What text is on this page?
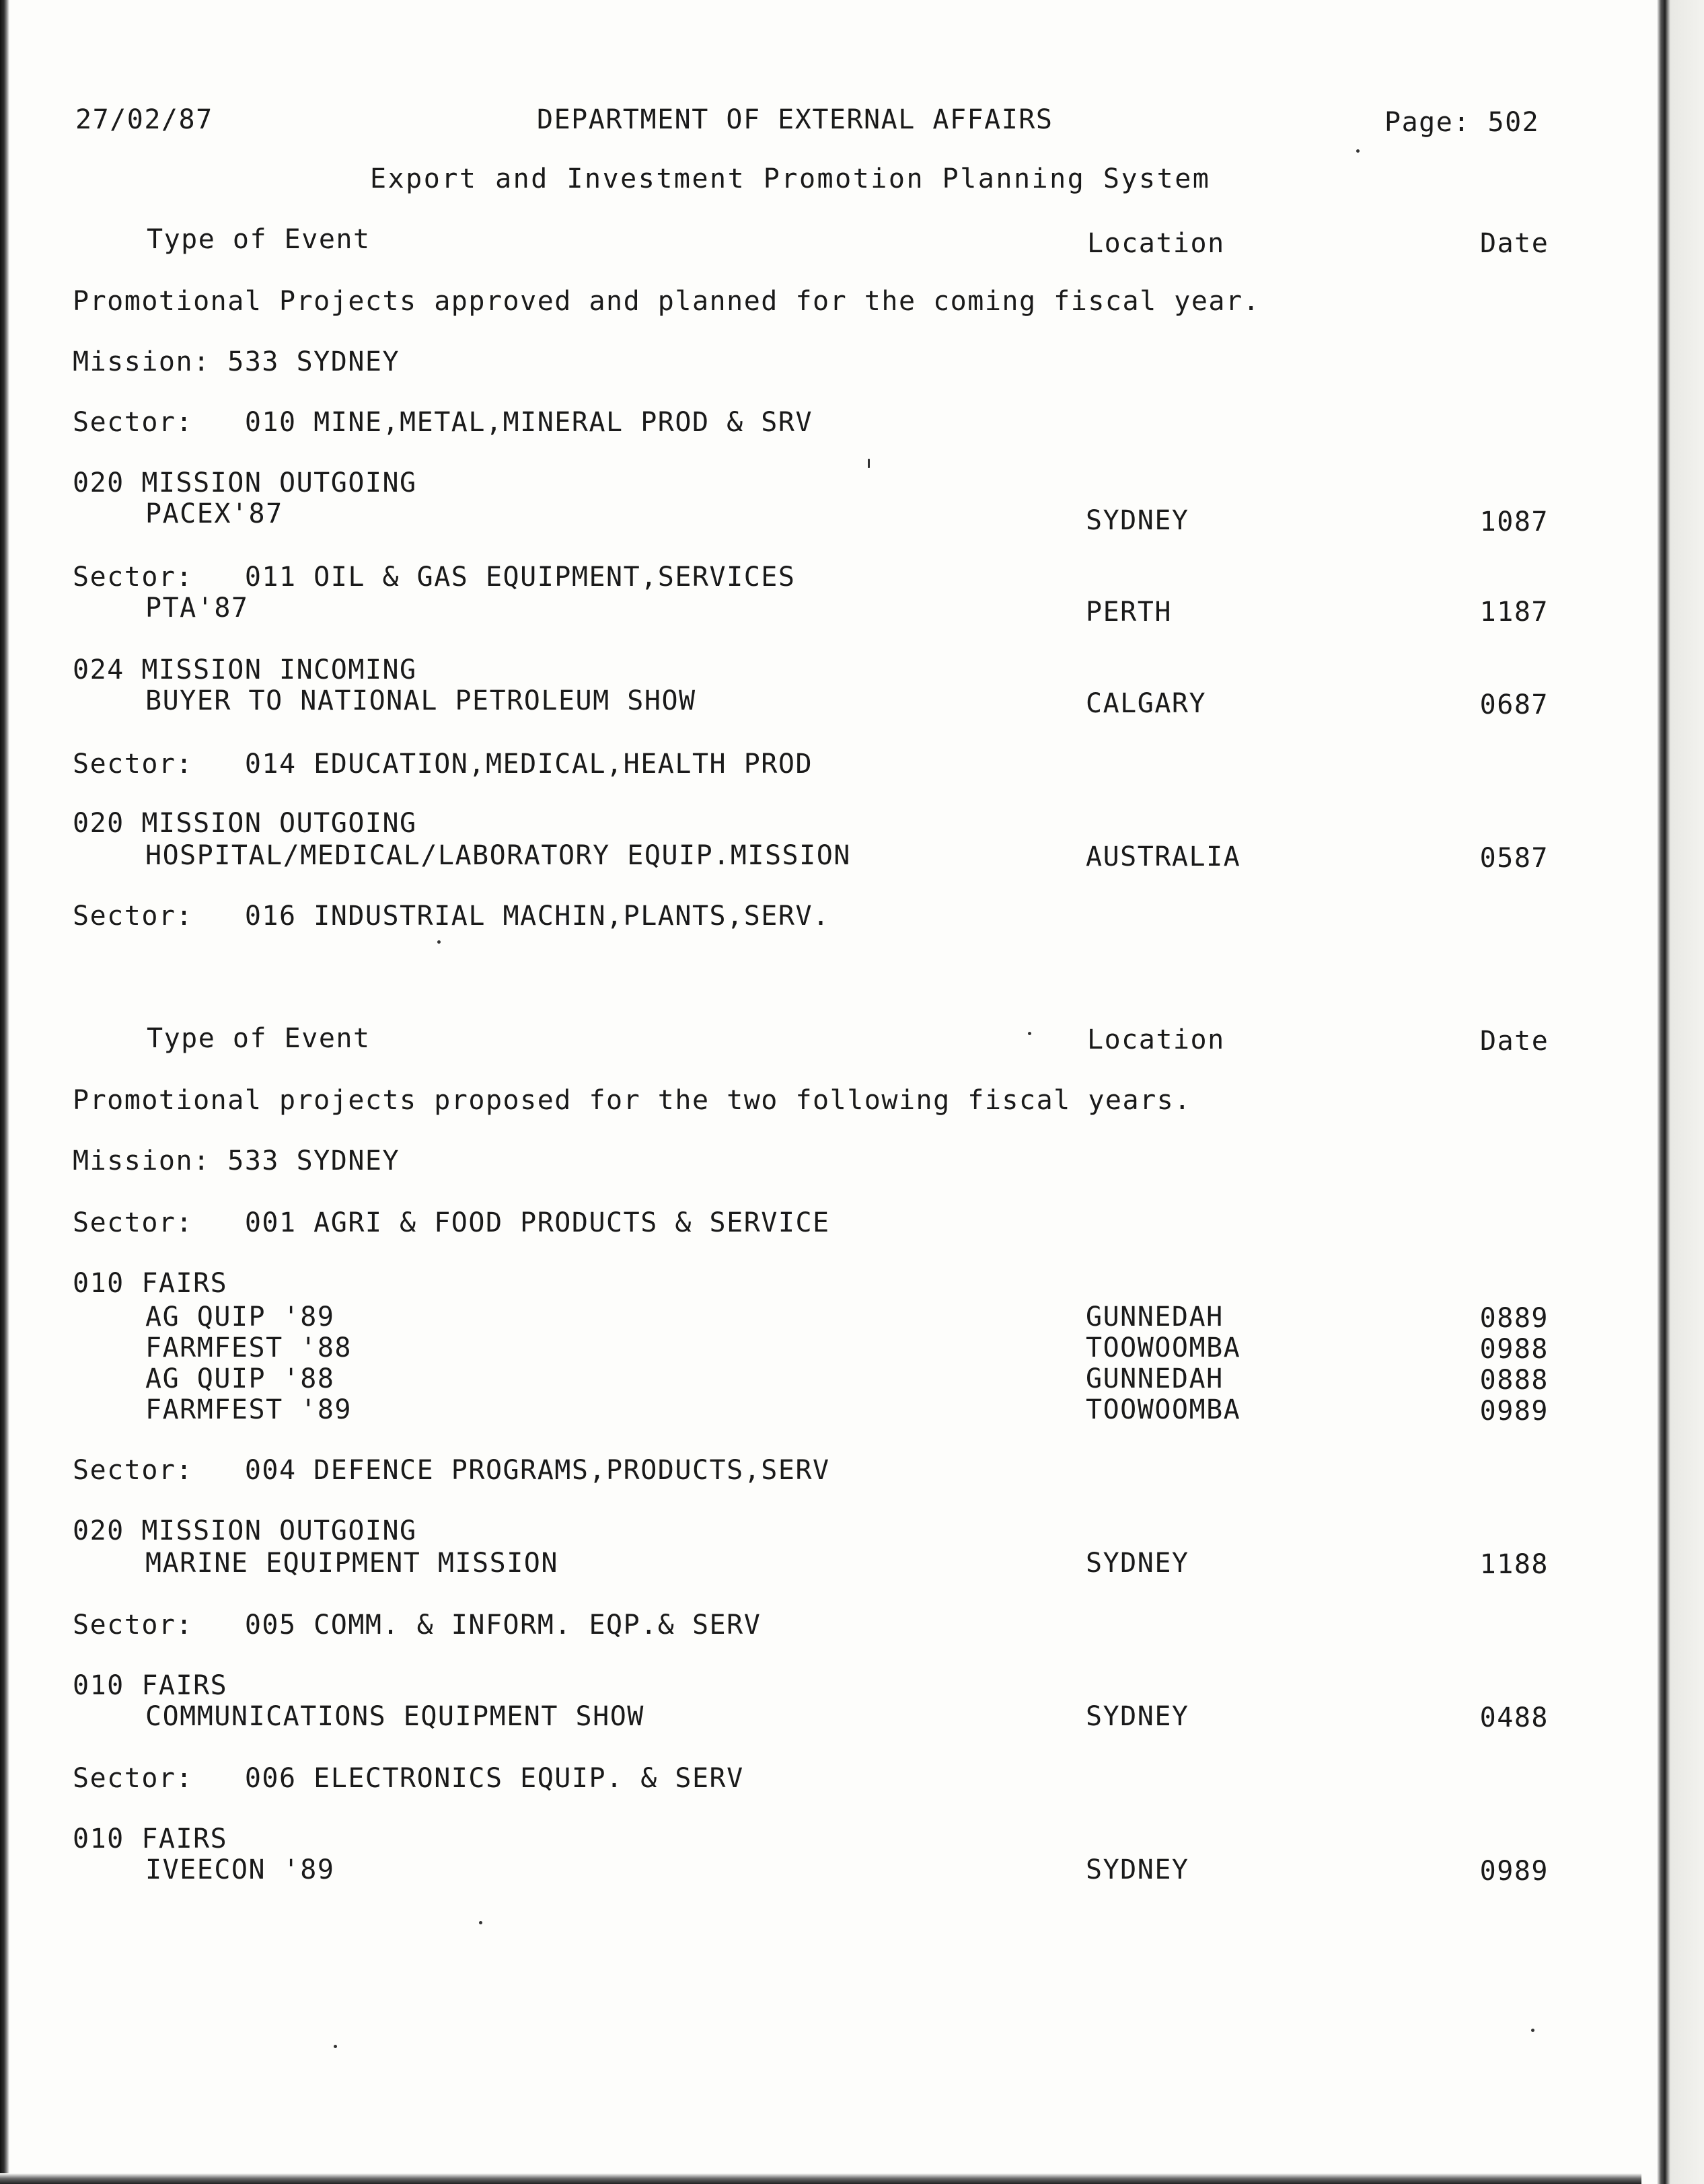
27/02/87	DEPARTMENT OF EXTERNAL AFFAIRS	Page: 502
Export and Investment Promotion Planning System
Type of Event	Location	Date
Promotional Projects approved and planned for the coming fiscal year.
Mission: 533 SYDNEY
Sector:   010 MINE,METAL,MINERAL PROD & SRV
020 MISSION OUTGOING
PACEX'87	SYDNEY	1087
Sector:   011 OIL & GAS EQUIPMENT,SERVICES
PTA'87	PERTH	1187
024 MISSION INCOMING
BUYER TO NATIONAL PETROLEUM SHOW	CALGARY	0687
Sector:   014 EDUCATION,MEDICAL,HEALTH PROD
020 MISSION OUTGOING
HOSPITAL/MEDICAL/LABORATORY EQUIP.MISSION	AUSTRALIA	0587
Sector:   016 INDUSTRIAL MACHIN,PLANTS,SERV.
Type of Event	Location	Date
Promotional projects proposed for the two following fiscal years.
Mission: 533 SYDNEY
Sector:   001 AGRI & FOOD PRODUCTS & SERVICE
010 FAIRS
AG QUIP '89	GUNNEDAH	0889
FARMFEST '88	TOOWOOMBA	0988
AG QUIP '88	GUNNEDAH	0888
FARMFEST '89	TOOWOOMBA	0989
Sector:   004 DEFENCE PROGRAMS,PRODUCTS,SERV
020 MISSION OUTGOING
MARINE EQUIPMENT MISSION	SYDNEY	1188
Sector:   005 COMM. & INFORM. EQP.& SERV
010 FAIRS
COMMUNICATIONS EQUIPMENT SHOW	SYDNEY	0488
Sector:   006 ELECTRONICS EQUIP. & SERV
010 FAIRS
IVEECON '89	SYDNEY	0989
